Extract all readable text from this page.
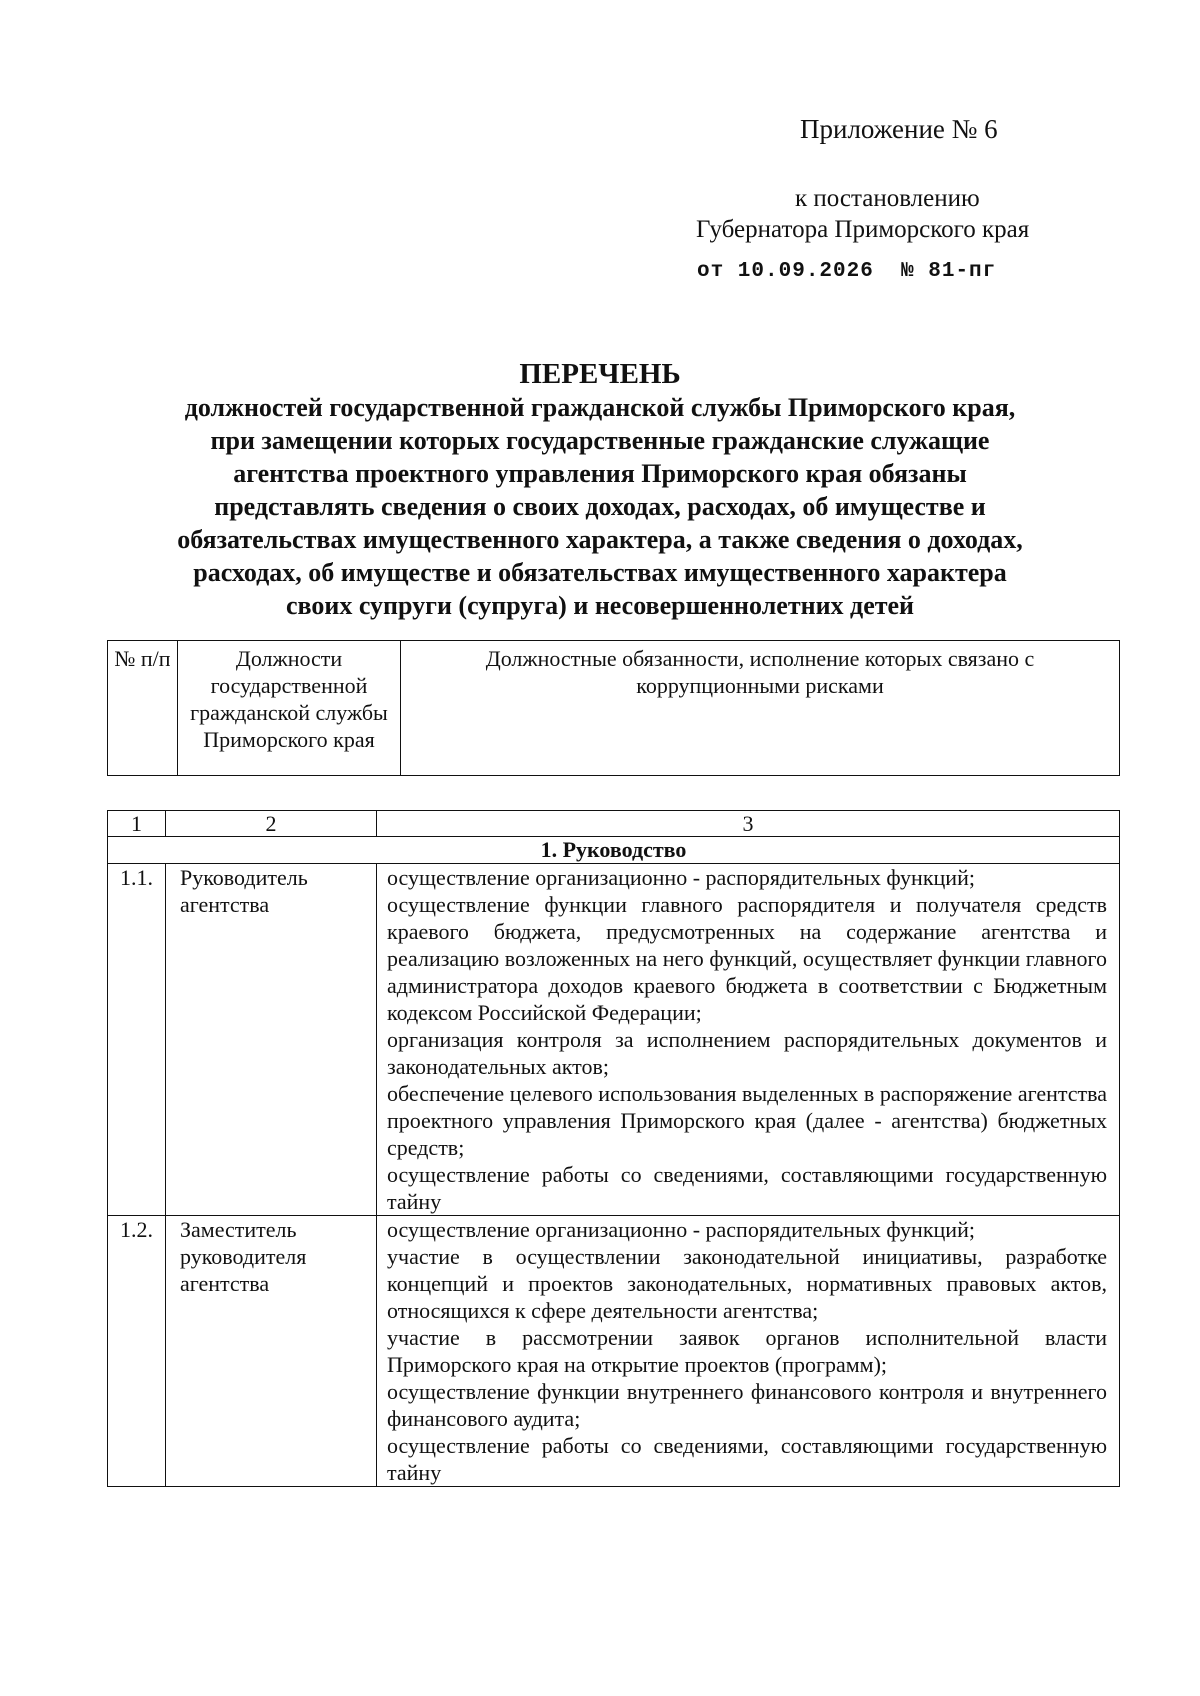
Приложение № 6
к постановлению
Губернатора Приморского края
от 10.09.2026  № 81-пг
ПЕРЕЧЕНЬ
должностей государственной гражданской службы Приморского края,
при замещении которых государственные гражданские служащие
агентства проектного управления Приморского края обязаны
представлять сведения о своих доходах, расходах, об имуществе и
обязательствах имущественного характера, а также сведения о доходах,
расходах, об имуществе и обязательствах имущественного характера
своих супруги (супруга) и несовершеннолетних детей
№ п/п	Должности государственной гражданской службы Приморского края	Должностные обязанности, исполнение которых связано с коррупционными рисками
1	2	3
1. Руководство		
1.1.	Руководитель агентства	осуществление организационно - распорядительных функций;
осуществление функции главного распорядителя и получателя средств краевого бюджета, предусмотренных на содержание агентства и реализацию возложенных на него функций, осуществляет функции главного администратора доходов краевого бюджета в соответствии с Бюджетным кодексом Российской Федерации;
организация контроля за исполнением распорядительных документов и законодательных актов;
обеспечение целевого использования выделенных в распоряжение агентства проектного управления Приморского края (далее - агентства) бюджетных средств;
осуществление работы со сведениями, составляющими государственную тайну

1.2.	Заместитель руководителя агентства	осуществление организационно - распорядительных функций;
участие в осуществлении законодательной инициативы, разработке концепций и проектов законодательных, нормативных правовых актов, относящихся к сфере деятельности агентства;
участие в рассмотрении заявок органов исполнительной власти Приморского края на открытие проектов (программ);
осуществление функции внутреннего финансового контроля и внутреннего финансового аудита;
осуществление работы со сведениями, составляющими государственную тайну
